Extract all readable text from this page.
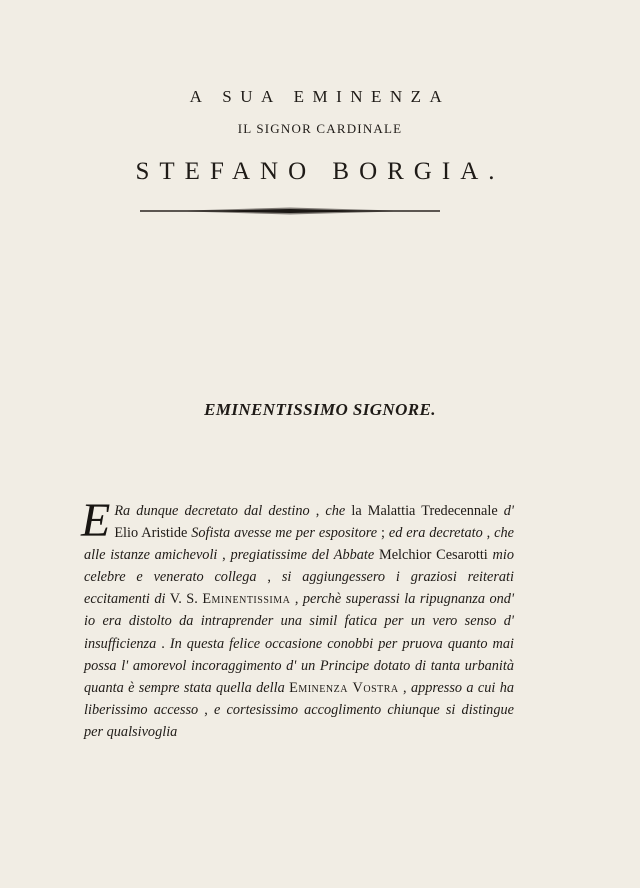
A SUA EMINENZA
IL SIGNOR CARDINALE
STEFANO BORGIA.
EMINENTISSIMO SIGNORE.
E Ra dunque decretato dal destino , che la Malattia Tredecennale d' Elio Aristide Sofista avesse me per espositore ; ed era decretato , che alle istanze amichevoli , pregiatissime del Abbate Melchior Cesarotti mio celebre e venerato collega , si aggiungessero i graziosi reiterati eccitamenti di V. S. Eminentissima , perchè superassi la ripugnanza ond' io era distolto da intraprender una simil fatica per un vero senso d' insufficienza . In questa felice occasione conobbi per pruova quanto mai possa l' amorevol incoraggimento d' un Principe dotato di tanta urbanità quanta è sempre stata quella della Eminenza Vostra , appresso a cui ha liberissimo accesso , e cortesissimo accoglimento chiunque si distingue per qualsivoglia
